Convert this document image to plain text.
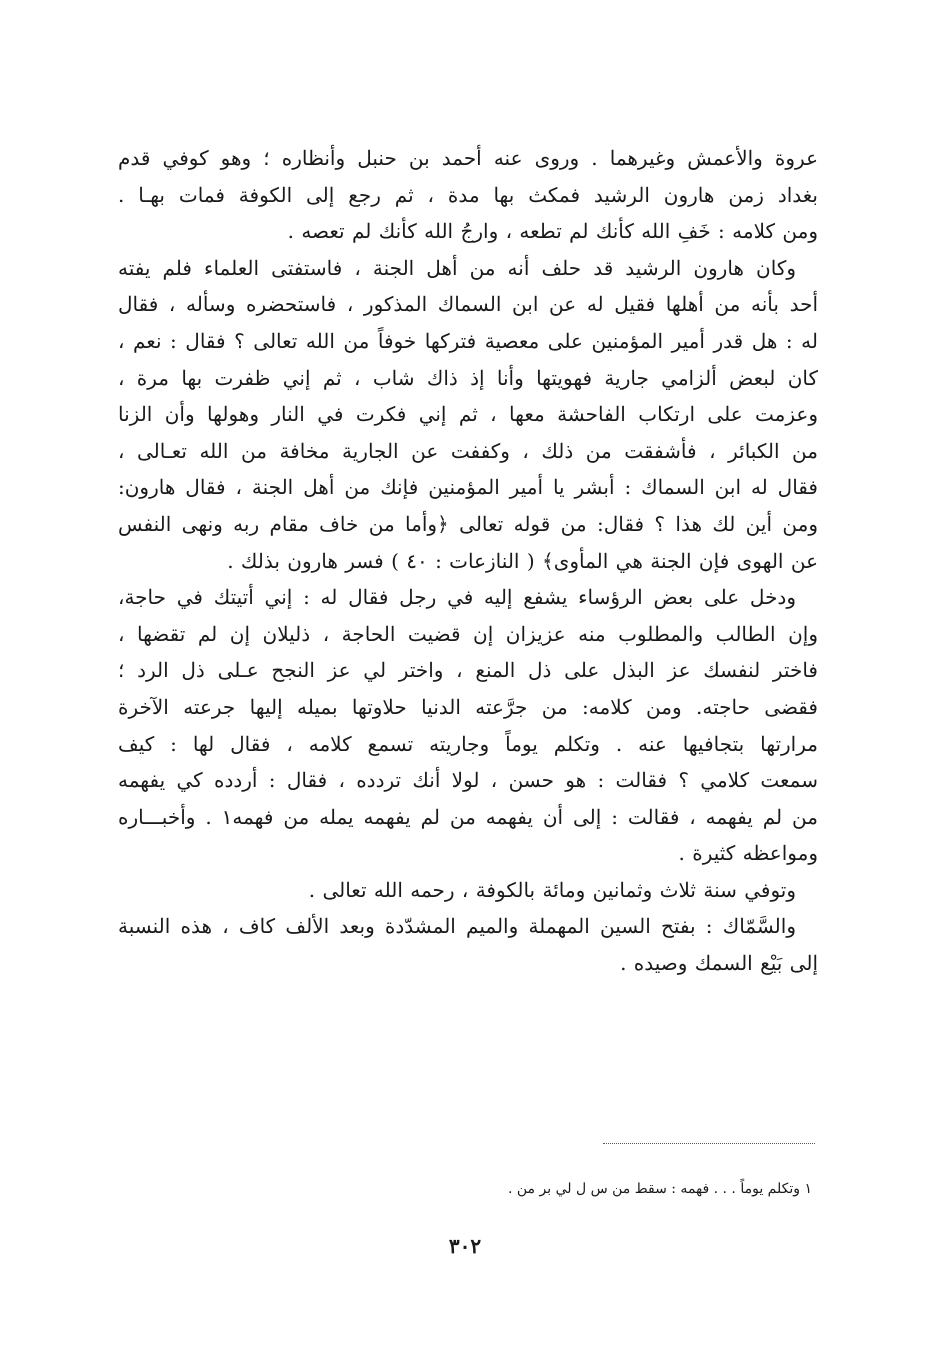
عروة والأعمش وغيرهما . وروى عنه أحمد بن حنبل وأنظاره ؛ وهو كوفي قدم
بغداد زمن هارون الرشيد فمكث بها مدة ، ثم رجع إلى الكوفة فمات بهـا .
ومن كلامه : خَفِ الله كأنك لم تطعه ، وارجُ الله كأنك لم تعصه .
وكان هارون الرشيد قد حلف أنه من أهل الجنة ، فاستفتى العلماء فلم يفته
أحد بأنه من أهلها فقيل له عن ابن السماك المذكور ، فاستحضره وسأله ، فقال
له : هل قدر أمير المؤمنين على معصية فتركها خوفاً من الله تعالى ؟ فقال : نعم ،
كان لبعض ألزامي جارية فهويتها وأنا إذ ذاك شاب ، ثم إني ظفرت بها مرة ،
وعزمت على ارتكاب الفاحشة معها ، ثم إني فكرت في النار وهولها وأن الزنا
من الكبائر ، فأشفقت من ذلك ، وكففت عن الجارية مخافة من الله تعـالى ،
فقال له ابن السماك : أبشر يا أمير المؤمنين فإنك من أهل الجنة ، فقال هارون:
ومن أين لك هذا ؟ فقال: من قوله تعالى ﴿وأما من خاف مقام ربه ونهى النفس
عن الهوى فإن الجنة هي المأوى﴾ ( النازعات : ٤٠ ) فسر هارون بذلك .
ودخل على بعض الرؤساء يشفع إليه في رجل فقال له : إني أتيتك في حاجة،
وإن الطالب والمطلوب منه عزيزان إن قضيت الحاجة ، ذليلان إن لم تقضها ،
فاختر لنفسك عز البذل على ذل المنع ، واختر لي عز النجح عـلى ذل الرد ؛
فقضى حاجته. ومن كلامه: من جرَّعته الدنيا حلاوتها بميله إليها جرعته الآخرة
مرارتها بتجافيها عنه . وتكلم يوماً وجاريته تسمع كلامه ، فقال لها : كيف
سمعت كلامي ؟ فقالت : هو حسن ، لولا أنك تردده ، فقال : أردده كي يفهمه
من لم يفهمه ، فقالت : إلى أن يفهمه من لم يفهمه يمله من فهمه١ . وأخبـــاره
ومواعظه كثيرة .
وتوفي سنة ثلاث وثمانين ومائة بالكوفة ، رحمه الله تعالى .
والسَّمّاك : بفتح السين المهملة والميم المشدّدة وبعد الألف كاف ، هذه النسبة
إلى بَيْع السمك وصيده .
١ وتكلم يوماً . . . فهمه : سقط من س ل لي بر من .
٣٠٢
